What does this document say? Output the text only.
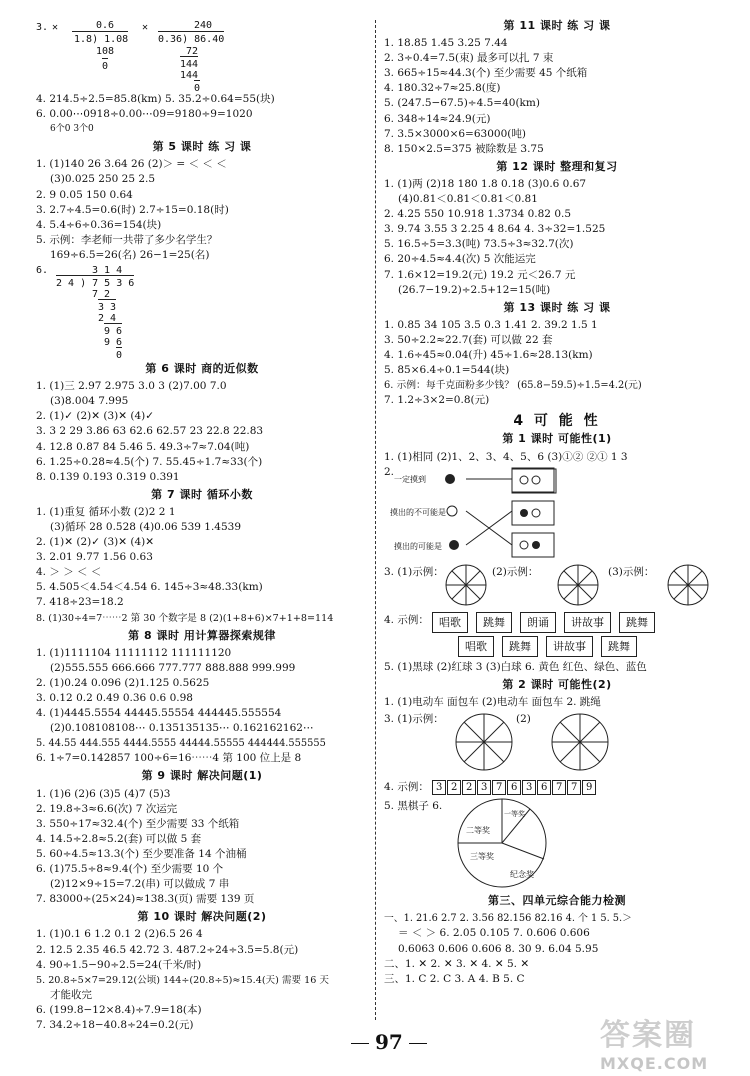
3. ✕	0.6
1.8) 1.08
108
0
✕	240
0.36) 86.40
72
144
144
0
4. 214.5÷2.5=85.8(km) 5. 35.2÷0.64=55(块)
6. 0.00⋯0918÷0.00⋯09=9180÷9=1020
6个0 3个0
第 5 课时 练 习 课
1. (1)140 26 3.64 26 (2)＞ = ＜ ＜ ＜
(3)0.025 250 25 2.5
2. 9 0.05 150 0.64
3. 2.7÷4.5=0.6(时) 2.7÷15=0.18(时)
4. 5.4÷6÷0.36=154(块)
5. 示例：李老师一共带了多少名学生？
169÷6.5=26(名) 26−1=25(名)
6.	3 1 4
2 4 ) 7 5 3 6
7 2
3 3
2 4
9 6
9 6
0
第 6 课时 商的近似数
1. (1)三 2.97 2.975 3.0 3 (2)7.00 7.0
(3)8.004 7.995
2. (1)✓ (2)✕ (3)✕ (4)✓
3. 3 2 29 3.86 63 62.6 62.57 23 22.8 22.83
4. 12.8 0.87 84 5.46 5. 49.3÷7≈7.04(吨)
6. 1.25÷0.28≈4.5(个) 7. 55.45÷1.7≈33(个)
8. 0.139 0.193 0.319 0.391
第 7 课时 循环小数
1. (1)重复 循环小数 (2)2 2 1
(3)循环 28 0.528 (4)0.06 539 1.4539
2. (1)✕ (2)✓ (3)✕ (4)✕
3. 2.01 9.77 1.56 0.63
4. ＞ ＞ ＜ ＜
5. 4.505＜4.54＜4.54 6. 145÷3≈48.33(km)
7. 418÷23=18.2
8. (1)30÷4=7⋯⋯2 第 30 个数字是 8 (2)(1+8+6)×7+1+8=114
第 8 课时 用计算器探索规律
1. (1)1111104 11111112 111111120
(2)555.555 666.666 777.777 888.888 999.999
2. (1)0.24 0.096 (2)1.125 0.5625
3. 0.12 0.2 0.49 0.36 0.6 0.98
4. (1)4445.5554 44445.55554 444445.555554
(2)0.108108108⋯ 0.135135135⋯ 0.162162162⋯
5. 44.55 444.555 4444.5555 44444.55555 444444.555555
6. 1÷7=0.142857 100÷6=16⋯⋯4 第 100 位上是 8
第 9 课时 解决问题(1)
1. (1)6 (2)6 (3)5 (4)7 (5)3
2. 19.8÷3≈6.6(次) 7 次运完
3. 550÷17≈32.4(个) 至少需要 33 个纸箱
4. 14.5÷2.8≈5.2(套) 可以做 5 套
5. 60÷4.5≈13.3(个) 至少要准备 14 个油桶
6. (1)75.5÷8≈9.4(个) 至少需要 10 个
(2)12×9÷15=7.2(串) 可以做成 7 串
7. 83000÷(25×24)≈138.3(页) 需要 139 页
第 10 课时 解决问题(2)
1. (1)0.1 6 1.2 0.1 2 (2)6.5 26 4
2. 12.5 2.35 46.5 42.72 3. 487.2÷24÷3.5=5.8(元)
4. 90÷1.5−90÷2.5=24(千米/时)
5. 20.8÷5×7=29.12(公顷) 144÷(20.8÷5)≈15.4(天) 需要 16 天
才能收完
6. (199.8−12×8.4)÷7.9=18(本)
7. 34.2÷18−40.8÷24=0.2(元)
第 11 课时 练 习 课
1. 18.85 1.45 3.25 7.44
2. 3÷0.4=7.5(束) 最多可以扎 7 束
3. 665÷15≈44.3(个) 至少需要 45 个纸箱
4. 180.32÷7≈25.8(度)
5. (247.5−67.5)÷4.5=40(km)
6. 348÷14≈24.9(元)
7. 3.5×3000×6=63000(吨)
8. 150×2.5=375 被除数是 3.75
第 12 课时 整理和复习
1. (1)两 (2)18 180 1.8 0.18 (3)0.6 0.67
(4)0.81＜0.81＜0.81＜0.81
2. 4.25 550 10.918 1.3734 0.82 0.5
3. 9.74 3.55 3 2.25 4 8.64 4. 3÷32=1.525
5. 16.5÷5=3.3(吨) 73.5÷3≈32.7(次)
6. 20÷4.5≈4.4(次) 5 次能运完
7. 1.6×12=19.2(元) 19.2 元＜26.7 元
(26.7−19.2)÷2.5+12=15(吨)
第 13 课时 练 习 课
1. 0.85 34 105 3.5 0.3 1.41 2. 39.2 1.5 1
3. 50÷2.2≈22.7(套) 可以做 22 套
4. 1.6÷45≈0.04(升) 45÷1.6≈28.13(km)
5. 85×6.4÷0.1=544(块)
6. 示例：每千克面粉多少钱？ (65.8−59.5)÷1.5=4.2(元)
7. 1.2÷3×2=0.8(元)
4 可 能 性
第 1 课时 可能性(1)
1. (1)相同 (2)1、2、3、4、5、6 (3)①② ②① 1 3
2.
一定摸到
摸出的不可能是
摸出的可能是
3. (1)示例：	(2)示例：	(3)示例：
4. 示例： 唱歌	跳舞	朗诵	讲故事	跳舞
唱歌	跳舞	讲故事	跳舞
5. (1)黑球 (2)红球 3 (3)白球 6. 黄色 红色、绿色、蓝色
第 2 课时 可能性(2)
1. (1)电动车 面包车 (2)电动车 面包车 2. 跳绳
3. (1)示例：	(2)
4. 示例： 3 2 2 3 7 6 3 6 7 7 9
5. 黑棋子 6.
一等奖
二等奖
三等奖
纪念奖
第三、四单元综合能力检测
一、1. 21.6 2.7 2. 3.56 82.156 82.16 4. 个 1 5. 5.＞
＝ ＜ ＞ 6. 2.05 0.105 7. 0.606 0.606
0.6063 0.606 0.606 8. 30 9. 6.04 5.95
二、1. ✕ 2. ✕ 3. ✕ 4. ✕ 5. ✕
三、1. C 2. C 3. A 4. B 5. C
97	答案圈
MXQE.COM
